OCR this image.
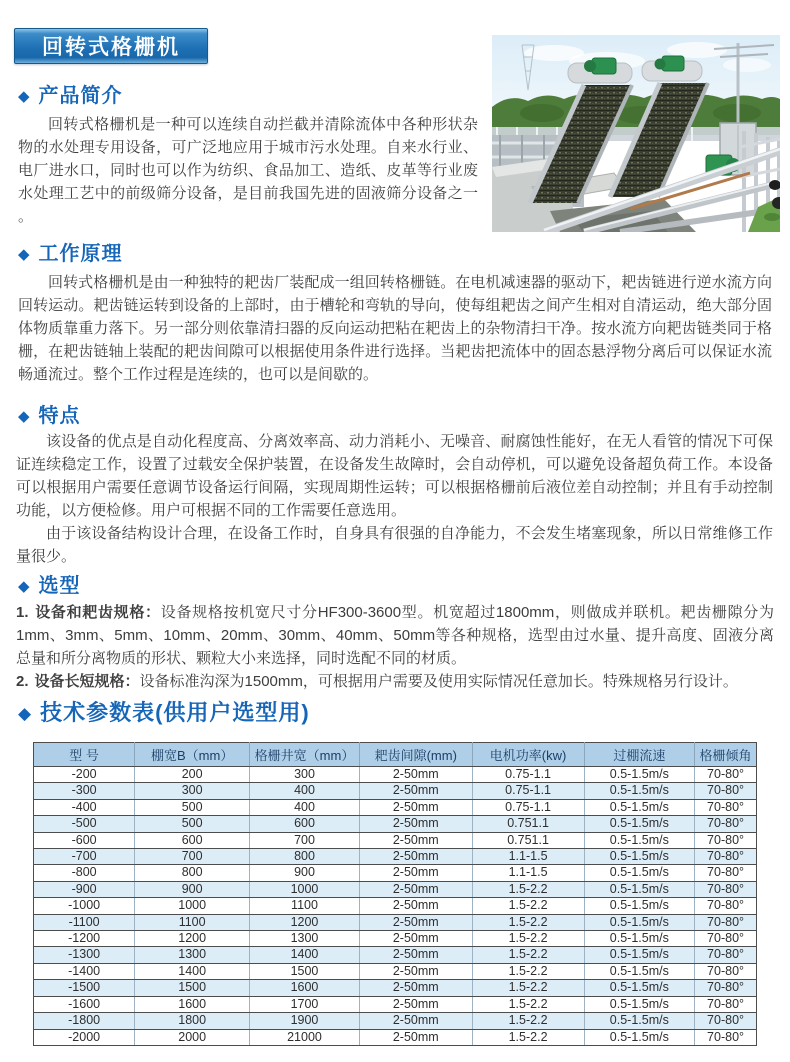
回转式格栅机
◆ 产品简介

回转式格栅机是一种可以连续自动拦截并清除流体中各种形状杂物的水处理专用设备，可广泛地应用于城市污水处理。自来水行业、电厂进水口，同时也可以作为纺织、食品加工、造纸、皮革等行业废水处理工艺中的前级筛分设备，是目前我国先进的固液筛分设备之一 。

◆ 工作原理

回转式格栅机是由一种独特的耙齿厂装配成一组回转格栅链。在电机减速器的驱动下，耙齿链进行逆水流方向回转运动。耙齿链运转到设备的上部时，由于槽轮和弯轨的导向，使每组耙齿之间产生相对自清运动，绝大部分固体物质靠重力落下。另一部分则依靠清扫器的反向运动把粘在耙齿上的杂物清扫干净。按水流方向耙齿链类同于格栅，在耙齿链轴上装配的耙齿间隙可以根据使用条件进行选择。当耙齿把流体中的固态悬浮物分离后可以保证水流畅通流过。整个工作过程是连续的，也可以是间歇的。

◆ 特点

该设备的优点是自动化程度高、分离效率高、动力消耗小、无噪音、耐腐蚀性能好，在无人看管的情况下可保证连续稳定工作，设置了过载安全保护装置，在设备发生故障时，会自动停机，可以避免设备超负荷工作。本设备可以根据用户需要任意调节设备运行间隔，实现周期性运转；可以根据格栅前后液位差自动控制；并且有手动控制功能，以方便检修。用户可根据不同的工作需要任意选用。

由于该设备结构设计合理，在设备工作时，自身具有很强的自净能力，不会发生堵塞现象，所以日常维修工作量很少。

◆ 选型

1. 设备和耙齿规格：设备规格按机宽尺寸分HF300-3600型。机宽超过1800mm，则做成并联机。耙齿栅隙分为1mm、3mm、5mm、10mm、20mm、30mm、40mm、50mm等各种规格，选型由过水量、提升高度、固液分离总量和所分离物质的形状、颗粒大小来选择，同时选配不同的材质。

2. 设备长短规格：设备标准沟深为1500mm，可根据用户需要及使用实际情况任意加长。特殊规格另行设计。

◆ 技术参数表(供用户选型用)
型 号	棚宽B（mm）	格栅井宽（mm）	耙齿间隙(mm)	电机功率(kw)	过棚流速	格栅倾角
-200	200	300	2-50mm	0.75-1.1	0.5-1.5m/s	70-80°
-300	300	400	2-50mm	0.75-1.1	0.5-1.5m/s	70-80°
-400	500	400	2-50mm	0.75-1.1	0.5-1.5m/s	70-80°
-500	500	600	2-50mm	0.751.1	0.5-1.5m/s	70-80°
-600	600	700	2-50mm	0.751.1	0.5-1.5m/s	70-80°
-700	700	800	2-50mm	1.1-1.5	0.5-1.5m/s	70-80°
-800	800	900	2-50mm	1.1-1.5	0.5-1.5m/s	70-80°
-900	900	1000	2-50mm	1.5-2.2	0.5-1.5m/s	70-80°
-1000	1000	1100	2-50mm	1.5-2.2	0.5-1.5m/s	70-80°
-1100	1100	1200	2-50mm	1.5-2.2	0.5-1.5m/s	70-80°
-1200	1200	1300	2-50mm	1.5-2.2	0.5-1.5m/s	70-80°
-1300	1300	1400	2-50mm	1.5-2.2	0.5-1.5m/s	70-80°
-1400	1400	1500	2-50mm	1.5-2.2	0.5-1.5m/s	70-80°
-1500	1500	1600	2-50mm	1.5-2.2	0.5-1.5m/s	70-80°
-1600	1600	1700	2-50mm	1.5-2.2	0.5-1.5m/s	70-80°
-1800	1800	1900	2-50mm	1.5-2.2	0.5-1.5m/s	70-80°
-2000	2000	21000	2-50mm	1.5-2.2	0.5-1.5m/s	70-80°
